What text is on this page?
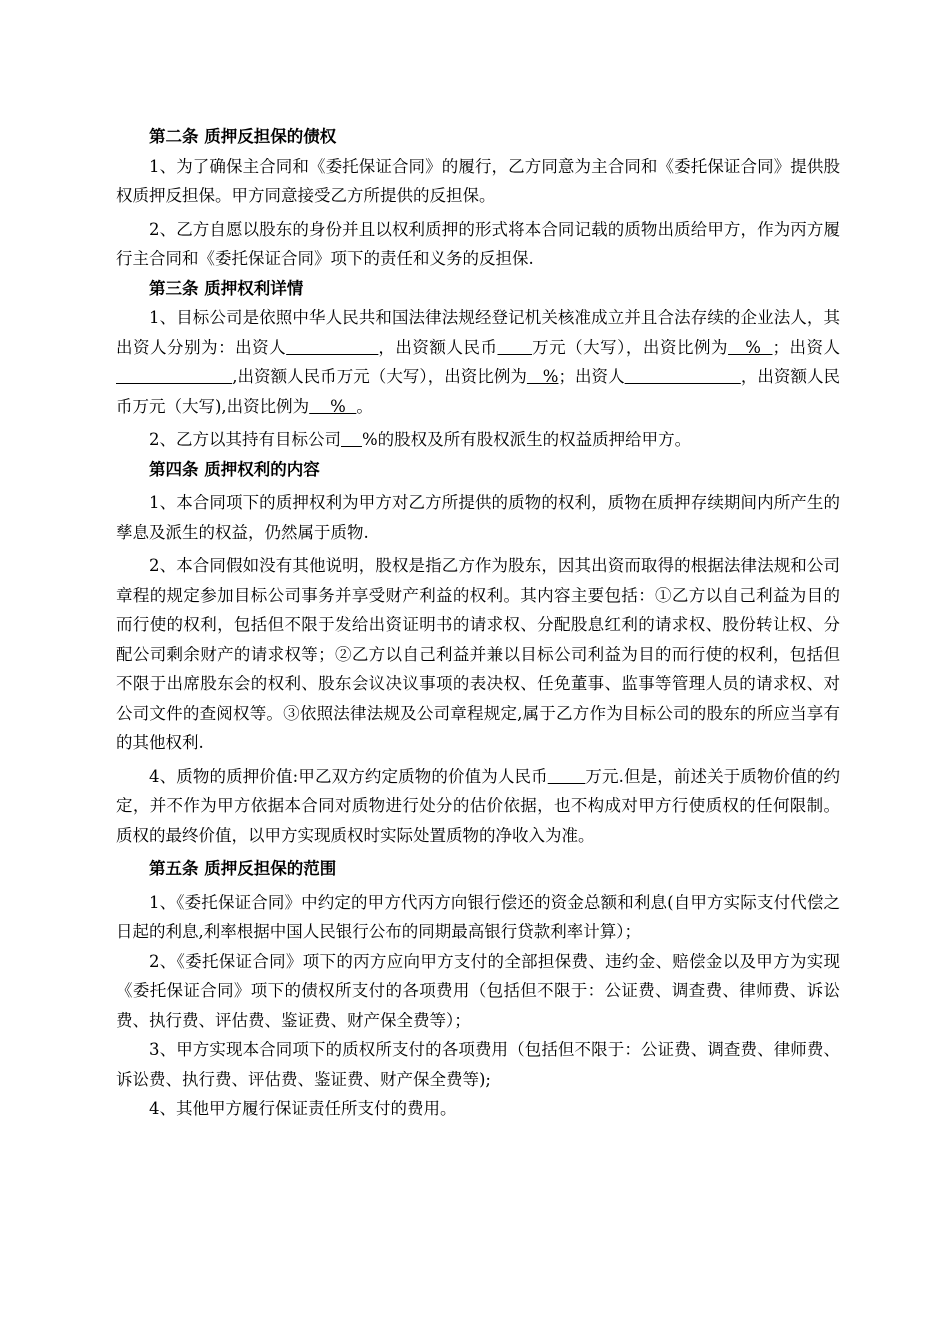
第二条 质押反担保的债权

1、为了确保主合同和《委托保证合同》的履行，乙方同意为主合同和《委托保证合同》提供股权质押反担保。甲方同意接受乙方所提供的反担保。

2、乙方自愿以股东的身份并且以权利质押的形式将本合同记载的质物出质给甲方，作为丙方履行主合同和《委托保证合同》项下的责任和义务的反担保.

第三条 质押权利详情

1、目标公司是依照中华人民共和国法律法规经登记机关核准成立并且合法存续的企业法人，其出资人分别为：出资人	，出资额人民币 万元（大写），出资比例为   %  ；出资人                      ,出资额人民币万元（大写），出资比例为   %；出资人	，出资额人民币万元（大写),出资比例为    %  。

2、乙方以其持有目标公司 %的股权及所有股权派生的权益质押给甲方。

第四条 质押权利的内容

1、本合同项下的质押权利为甲方对乙方所提供的质物的权利，质物在质押存续期间内所产生的孳息及派生的权益，仍然属于质物.

2、本合同假如没有其他说明，股权是指乙方作为股东，因其出资而取得的根据法律法规和公司章程的规定参加目标公司事务并享受财产利益的权利。其内容主要包括：①乙方以自己利益为目的而行使的权利，包括但不限于发给出资证明书的请求权、分配股息红利的请求权、股份转让权、分配公司剩余财产的请求权等；②乙方以自己利益并兼以目标公司利益为目的而行使的权利，包括但不限于出席股东会的权利、股东会议决议事项的表决权、任免董事、监事等管理人员的请求权、对公司文件的查阅权等。③依照法律法规及公司章程规定,属于乙方作为目标公司的股东的所应当享有的其他权利.

4、质物的质押价值:甲乙双方约定质物的价值为人民币 万元.但是，前述关于质物价值的约定，并不作为甲方依据本合同对质物进行处分的估价依据，也不构成对甲方行使质权的任何限制。质权的最终价值，以甲方实现质权时实际处置质物的净收入为准。

第五条 质押反担保的范围

1、《委托保证合同》中约定的甲方代丙方向银行偿还的资金总额和利息(自甲方实际支付代偿之日起的利息,利率根据中国人民银行公布的同期最高银行贷款利率计算）；

2、《委托保证合同》项下的丙方应向甲方支付的全部担保费、违约金、赔偿金以及甲方为实现《委托保证合同》项下的债权所支付的各项费用（包括但不限于：公证费、调查费、律师费、诉讼费、执行费、评估费、鉴证费、财产保全费等）；

3、甲方实现本合同项下的质权所支付的各项费用（包括但不限于：公证费、调查费、律师费、诉讼费、执行费、评估费、鉴证费、财产保全费等);

4、其他甲方履行保证责任所支付的费用。
